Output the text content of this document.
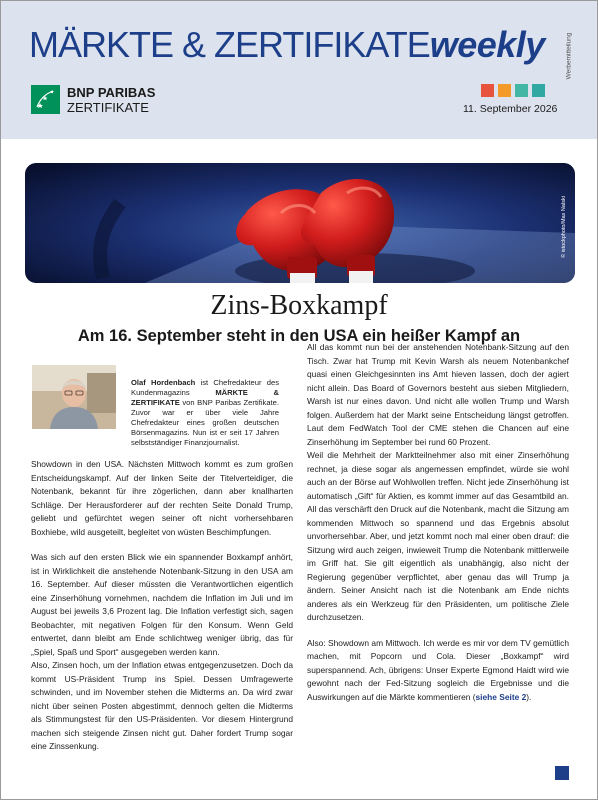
MÄRKTE & ZERTIFIKATEweekly	Werbemitteilung
BNP PARIBAS
ZERTIFIKATE	11. September 2026
© istockphoto/Max Nalski
Zins-Boxkampf
Am 16. September steht in den USA ein heißer Kampf an
Olaf Hordenbach ist Chefredakteur des Kundenmagazins MÄRKTE & ZERTIFIKATE von BNP Paribas Zertifikate. Zuvor war er über viele Jahre Chefredakteur eines großen deutschen Börsenmagazins. Nun ist er seit 17 Jahren selbstständiger Finanzjournalist.

Showdown in den USA. Nächsten Mittwoch kommt es zum großen Entscheidungskampf. Auf der linken Seite der Titelverteidiger, die Notenbank, bekannt für ihre zögerlichen, dann aber knallharten Schläge. Der Herausforderer auf der rechten Seite Donald Trump, geliebt und gefürchtet wegen seiner oft nicht vorhersehbaren Boxhiebe, wild ausgeteilt, begleitet von wüsten Beschimpfungen.

Was sich auf den ersten Blick wie ein spannender Boxkampf anhört, ist in Wirklichkeit die anstehende Notenbank-Sitzung in den USA am 16. September. Auf dieser müssten die Verantwortlichen eigentlich eine Zinserhöhung vornehmen, nachdem die Inflation im Juli und im August bei jeweils 3,6 Prozent lag. Die Inflation verfestigt sich, sagen Beobachter, mit negativen Folgen für den Konsum. Wenn Geld entwertet, dann bleibt am Ende schlichtweg weniger übrig, das für „Spiel, Spaß und Sport“ ausgegeben werden kann.

Also, Zinsen hoch, um der Inflation etwas entgegenzusetzen. Doch da kommt US-Präsident Trump ins Spiel. Dessen Umfragewerte schwinden, und im November stehen die Midterms an. Da wird zwar nicht über seinen Posten abgestimmt, dennoch gelten die Midterms als Stimmungstest für den US-Präsidenten. Vor diesem Hintergrund machen sich steigende Zinsen nicht gut. Daher fordert Trump sogar eine Zinssenkung.

All das kommt nun bei der anstehenden Notenbank-Sitzung auf den Tisch. Zwar hat Trump mit Kevin Warsh als neuem Notenbankchef quasi einen Gleichgesinnten ins Amt hieven lassen, doch der agiert nicht allein. Das Board of Governors besteht aus sieben Mitgliedern, Warsh ist nur eines davon. Und nicht alle wollen Trump und Warsh folgen. Außerdem hat der Markt seine Entscheidung längst getroffen. Laut dem FedWatch Tool der CME stehen die Chancen auf eine Zinserhöhung im September bei rund 60 Prozent.

Weil die Mehrheit der Marktteilnehmer also mit einer Zinserhöhung rechnet, ja diese sogar als angemessen empfindet, würde sie wohl auch an der Börse auf Wohlwollen treffen. Nicht jede Zinserhöhung ist automatisch „Gift“ für Aktien, es kommt immer auf das Gesamtbild an. All das verschärft den Druck auf die Notenbank, macht die Sitzung am kommenden Mittwoch so spannend und das Ergebnis absolut unvorhersehbar. Aber, und jetzt kommt noch mal einer oben drauf: die Sitzung wird auch zeigen, inwieweit Trump die Notenbank mittlerweile im Griff hat. Sie gilt eigentlich als unabhängig, also nicht der Regierung gegenüber verpflichtet, aber genau das will Trump ja ändern. Seiner Ansicht nach ist die Notenbank am Ende nichts anderes als ein Werkzeug für den Präsidenten, um politische Ziele durchzusetzen.

Also: Showdown am Mittwoch. Ich werde es mir vor dem TV gemütlich machen, mit Popcorn und Cola. Dieser „Boxkampf“ wird superspannend. Ach, übrigens: Unser Experte Egmond Haidt wird wie gewohnt nach der Fed-Sitzung sogleich die Ergebnisse und die Auswirkungen auf die Märkte kommentieren (siehe Seite 2).
